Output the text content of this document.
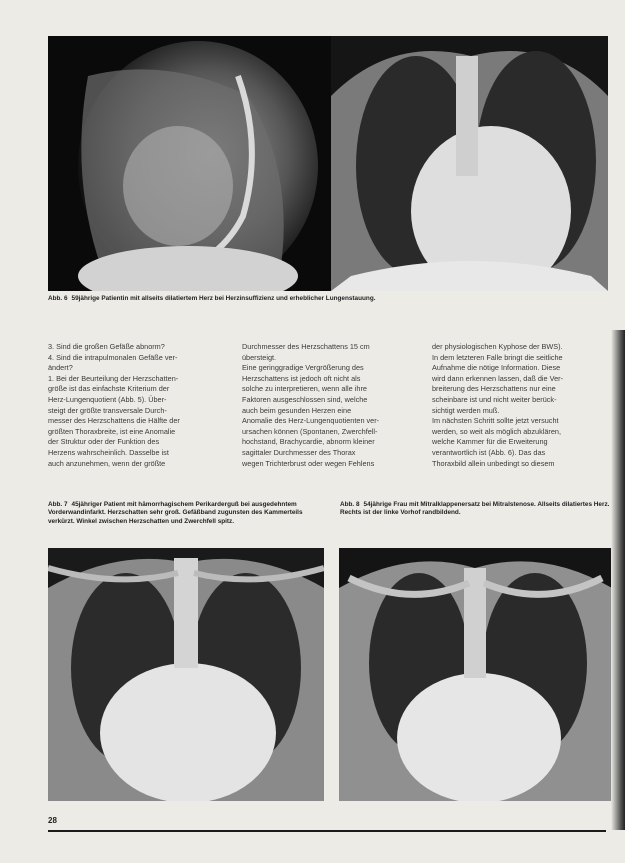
Abb. 6 59jährige Patientin mit allseits dilatiertem Herz bei Herzinsuffizienz und erheblicher Lungenstauung.
3. Sind die großen Gefäße abnorm?
4. Sind die intrapulmonalen Gefäße ver-
ändert?
1. Bei der Beurteilung der Herzschatten-
größe ist das einfachste Kriterium der
Herz-Lungenquotient (Abb. 5). Über-
steigt der größte transversale Durch-
messer des Herzschattens die Hälfte der
größten Thoraxbreite, ist eine Anomalie
der Struktur oder der Funktion des
Herzens wahrscheinlich. Dasselbe ist
auch anzunehmen, wenn der größte
Durchmesser des Herzschattens 15 cm
übersteigt.
Eine geringgradige Vergrößerung des
Herzschattens ist jedoch oft nicht als
solche zu interpretieren, wenn alle ihre
Faktoren ausgeschlossen sind, welche
auch beim gesunden Herzen eine
Anomalie des Herz-Lungenquotienten ver-
ursachen können (Spontanen, Zwerchfell-
hochstand, Brachycardie, abnorm kleiner
sagittaler Durchmesser des Thorax
wegen Trichterbrust oder wegen Fehlens
der physiologischen Kyphose der BWS).
In dem letzteren Falle bringt die seitliche
Aufnahme die nötige Information. Diese
wird dann erkennen lassen, daß die Ver-
breiterung des Herzschattens nur eine
scheinbare ist und nicht weiter berück-
sichtigt werden muß.
Im nächsten Schritt sollte jetzt versucht
werden, so weit als möglich abzuklären,
welche Kammer für die Erweiterung
verantwortlich ist (Abb. 6). Das das
Thoraxbild allein unbedingt so diesem
Abb. 7 45jähriger Patient mit hämorrhagischem Perikarderguß bei ausgedehntem Vorderwandinfarkt. Herzschatten sehr groß. Gefäßband zugunsten des Kammerteils verkürzt. Winkel zwischen Herzschatten und Zwerchfell spitz.
Abb. 8 54jährige Frau mit Mitralklappenersatz bei Mitralstenose. Allseits dilatiertes Herz. Rechts ist der linke Vorhof randbildend.
28
